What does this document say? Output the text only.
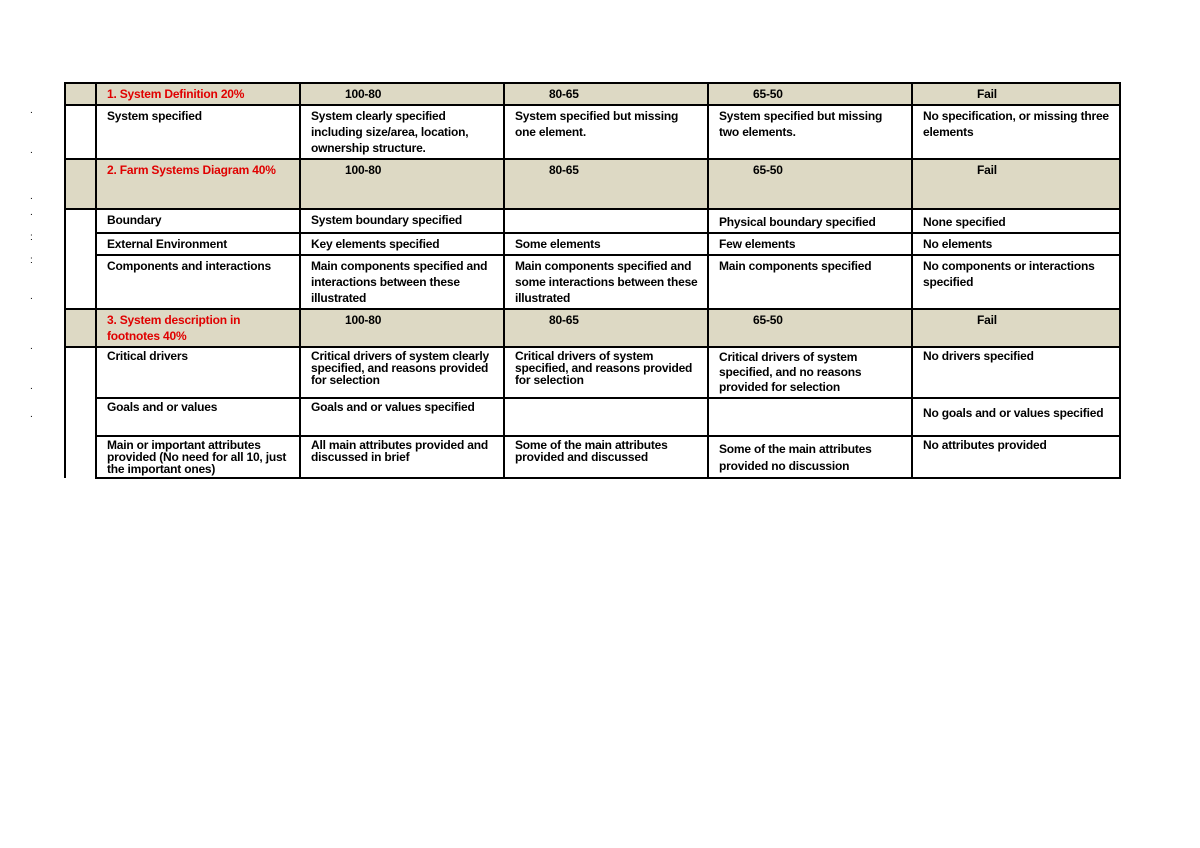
.
.
.
.
:
:
.
.
.
.
	1. System Definition 20%	100-80	80-65	65-50	Fail
	System specified	System clearly specified including size/area, location, ownership structure.	System specified but missing one element.	System specified but missing two elements.	No specification, or missing three elements
	2. Farm Systems Diagram 40%	100-80	80-65	65-50	Fail
	Boundary	System boundary specified		Physical boundary specified	None specified
	External Environment	Key elements specified	Some elements	Few elements	No elements
	Components and interactions	Main components specified and interactions between these illustrated	Main components specified and some interactions between these illustrated	Main components specified	No components or interactions specified
	3. System description in footnotes 40%	100-80	80-65	65-50	Fail
	Critical drivers	Critical drivers of system clearly specified, and reasons provided for selection	Critical drivers of system specified, and reasons provided for selection	Critical drivers of system specified, and no reasons provided for selection	No drivers specified
	Goals and or values	Goals and or values specified			No goals and or values specified
	Main or important attributes provided (No need for all 10, just the important ones)	All main attributes provided and discussed in brief	Some of the main attributes provided and discussed	Some of the main attributes provided no discussion	No attributes provided
